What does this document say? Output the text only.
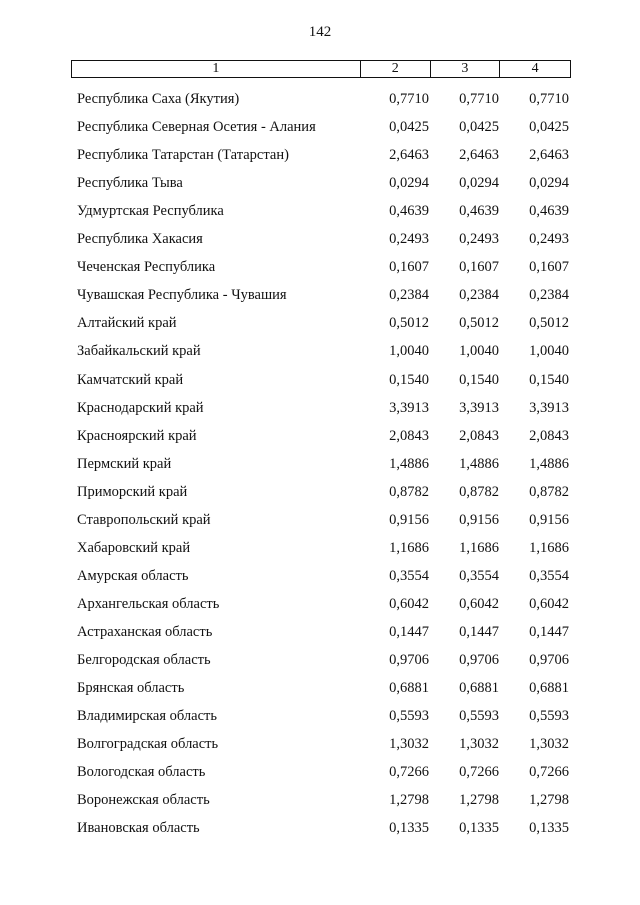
142
1	2	3	4
Республика Саха (Якутия)	0,7710	0,7710	0,7710
Республика Северная Осетия - Алания	0,0425	0,0425	0,0425
Республика Татарстан (Татарстан)	2,6463	2,6463	2,6463
Республика Тыва	0,0294	0,0294	0,0294
Удмуртская Республика	0,4639	0,4639	0,4639
Республика Хакасия	0,2493	0,2493	0,2493
Чеченская Республика	0,1607	0,1607	0,1607
Чувашская Республика - Чувашия	0,2384	0,2384	0,2384
Алтайский край	0,5012	0,5012	0,5012
Забайкальский край	1,0040	1,0040	1,0040
Камчатский край	0,1540	0,1540	0,1540
Краснодарский край	3,3913	3,3913	3,3913
Красноярский край	2,0843	2,0843	2,0843
Пермский край	1,4886	1,4886	1,4886
Приморский край	0,8782	0,8782	0,8782
Ставропольский край	0,9156	0,9156	0,9156
Хабаровский край	1,1686	1,1686	1,1686
Амурская область	0,3554	0,3554	0,3554
Архангельская область	0,6042	0,6042	0,6042
Астраханская область	0,1447	0,1447	0,1447
Белгородская область	0,9706	0,9706	0,9706
Брянская область	0,6881	0,6881	0,6881
Владимирская область	0,5593	0,5593	0,5593
Волгоградская область	1,3032	1,3032	1,3032
Вологодская область	0,7266	0,7266	0,7266
Воронежская область	1,2798	1,2798	1,2798
Ивановская область	0,1335	0,1335	0,1335
